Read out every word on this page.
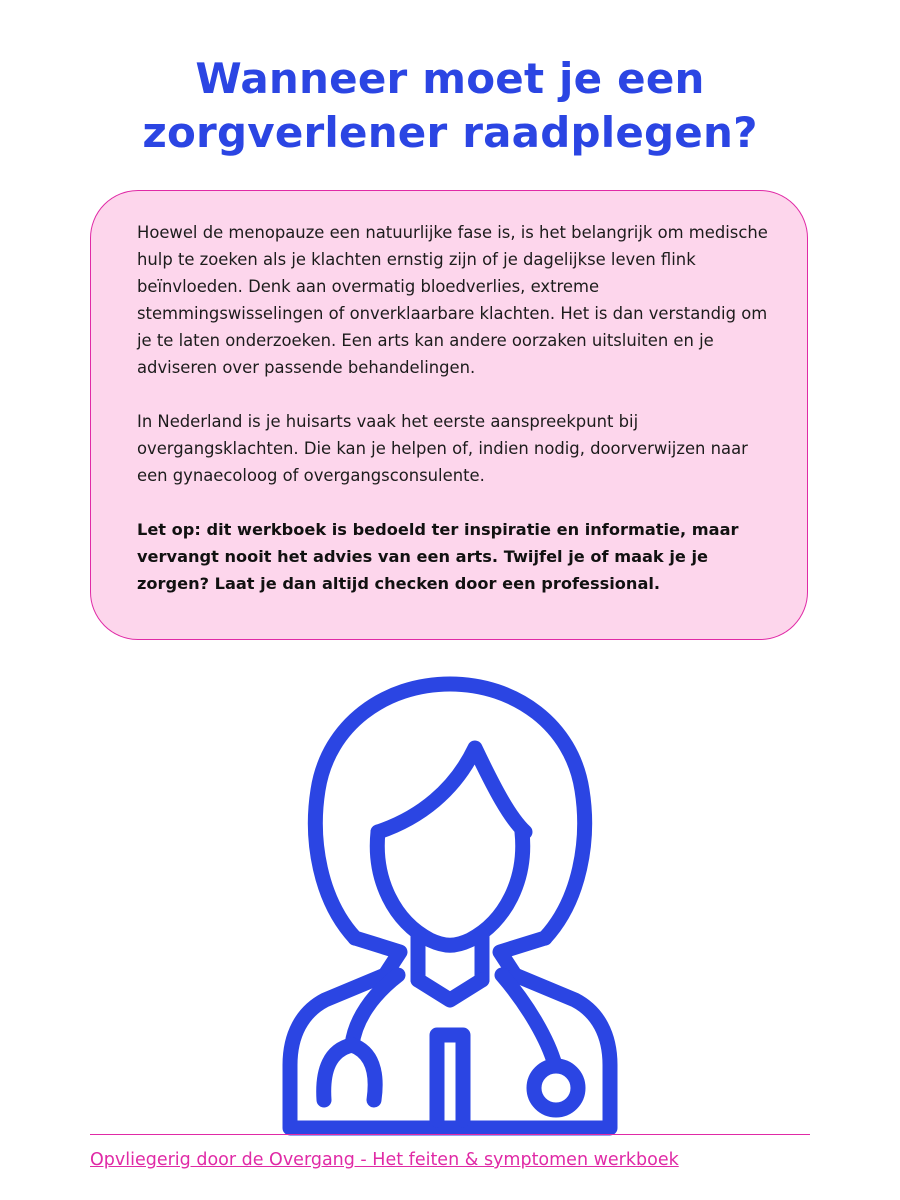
Wanneer moet je een
zorgverlener raadplegen?

Hoewel de menopauze een natuurlijke fase is, is het belangrijk om medische hulp te zoeken als je klachten ernstig zijn of je dagelijkse leven flink beïnvloeden. Denk aan overmatig bloedverlies, extreme stemmingswisselingen of onverklaarbare klachten. Het is dan verstandig om je te laten onderzoeken. Een arts kan andere oorzaken uitsluiten en je adviseren over passende behandelingen.

In Nederland is je huisarts vaak het eerste aanspreekpunt bij overgangsklachten. Die kan je helpen of, indien nodig, doorverwijzen naar een gynaecoloog of overgangsconsulente.

Let op: dit werkboek is bedoeld ter inspiratie en informatie, maar vervangt nooit het advies van een arts. Twijfel je of maak je je zorgen? Laat je dan altijd checken door een professional.

Opvliegerig door de Overgang - Het feiten & symptomen werkboek
